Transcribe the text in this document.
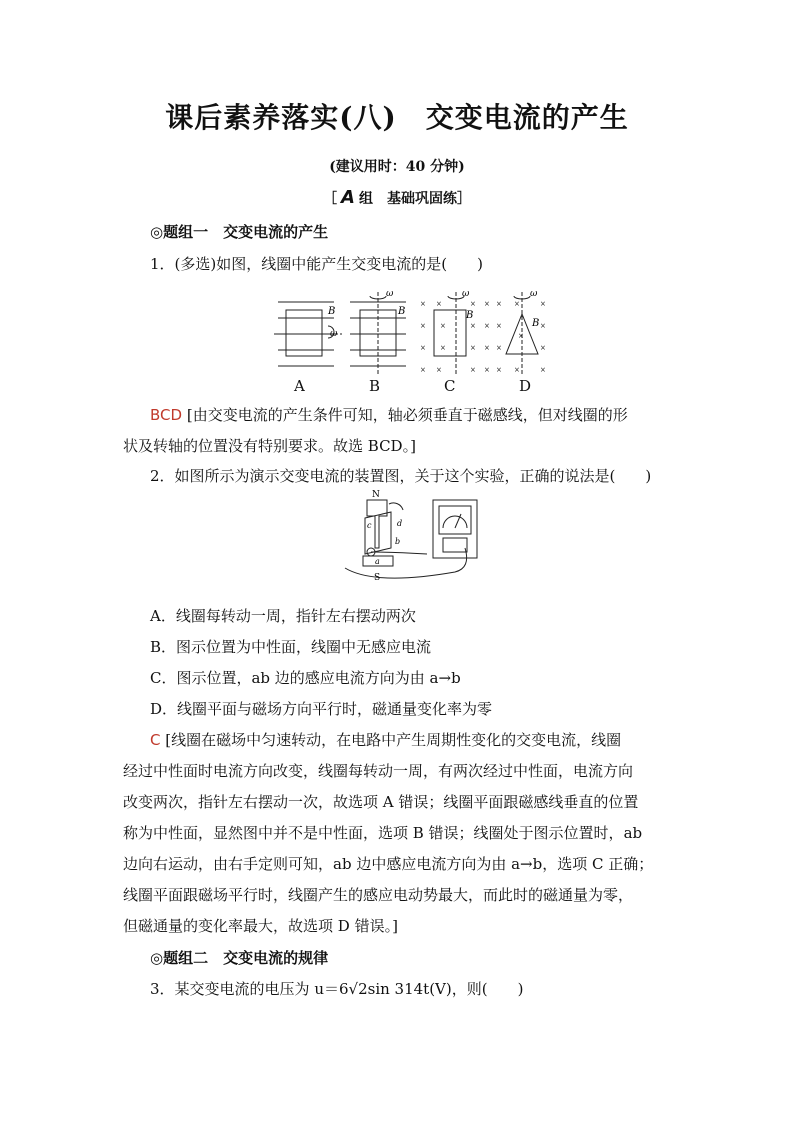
课后素养落实(八)　交变电流的产生
(建议用时：40 分钟)
［ A 组　基础巩固练］
◎题组一　交变电流的产生
1．(多选)如图，线圈中能产生交变电流的是(　　)
B
ω
B
ω
× ×	× ×
× ×	× ×
× ×	× ×
× ×	× ×
B
ω
× ×	×
×	×
×
×
×
× ×	×
B
ω
A	B	C	D
BCD [由交变电流的产生条件可知，轴必须垂直于磁感线，但对线圈的形
状及转轴的位置没有特别要求。故选 BCD。]
2．如图所示为演示交变电流的装置图，关于这个实验，正确的说法是(　　)
N
S
a
b
c	d
A．线圈每转动一周，指针左右摆动两次
B．图示位置为中性面，线圈中无感应电流
C．图示位置，ab 边的感应电流方向为由 a→b
D．线圈平面与磁场方向平行时，磁通量变化率为零
C [线圈在磁场中匀速转动，在电路中产生周期性变化的交变电流，线圈
经过中性面时电流方向改变，线圈每转动一周，有两次经过中性面，电流方向
改变两次，指针左右摆动一次，故选项 A 错误；线圈平面跟磁感线垂直的位置
称为中性面，显然图中并不是中性面，选项 B 错误；线圈处于图示位置时，ab
边向右运动，由右手定则可知，ab 边中感应电流方向为由 a→b，选项 C 正确；
线圈平面跟磁场平行时，线圈产生的感应电动势最大，而此时的磁通量为零，
但磁通量的变化率最大，故选项 D 错误。]
◎题组二　交变电流的规律
3．某交变电流的电压为 u＝6√2sin 314t(V)，则(　　)
